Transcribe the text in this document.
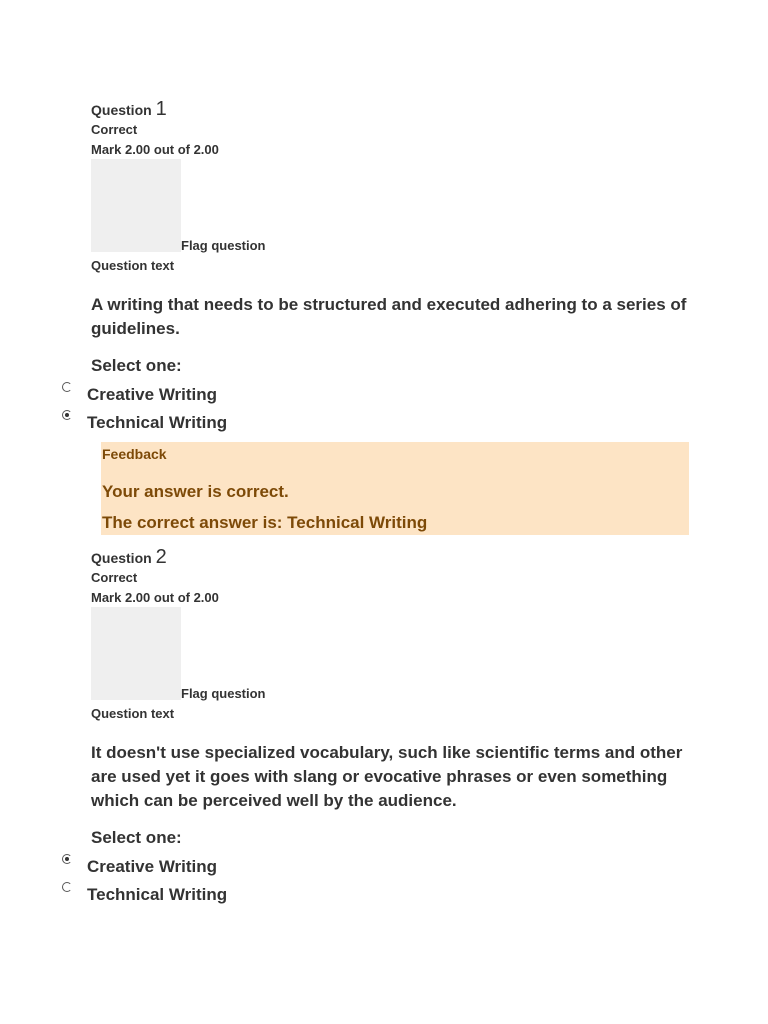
Question 1
Correct
Mark 2.00 out of 2.00
Flag question
Question text
A writing that needs to be structured and executed adhering to a series of guidelines.
Select one:
Creative Writing
Technical Writing
Feedback
Your answer is correct.
The correct answer is: Technical Writing
Question 2
Correct
Mark 2.00 out of 2.00
Flag question
Question text
It doesn't use specialized vocabulary, such like scientific terms and other are used yet it goes with slang or evocative phrases or even something which can be perceived well by the audience.
Select one:
Creative Writing
Technical Writing
